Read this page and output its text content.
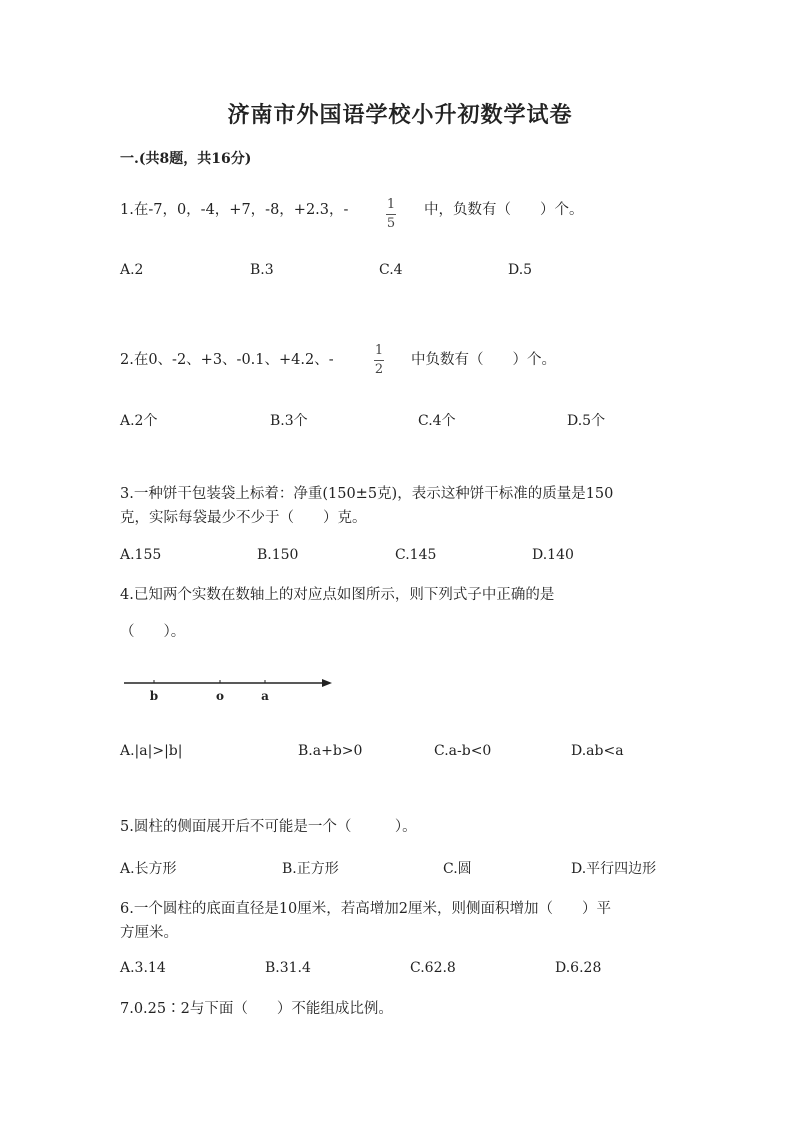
济南市外国语学校小升初数学试卷
一.(共8题，共16分)
1.在-7，0，-4，+7，-8，+2.3，-	1
5
中，负数有（　　）个。
A.2	B.3	C.4	D.5
2.在0、-2、+3、-0.1、+4.2、-
1
2
中负数有（　　）个。
A.2个	B.3个	C.4个	D.5个
3.一种饼干包装袋上标着：净重(150±5克)，表示这种饼干标准的质量是150
克，实际每袋最少不少于（　　）克。
A.155	B.150	C.145	D.140
4.已知两个实数在数轴上的对应点如图所示，则下列式子中正确的是
（　　）。
b	o	a
A.|a|>|b|	B.a+b>0	C.a-b<0	D.ab<a
5.圆柱的侧面展开后不可能是一个（　　　）。
A.长方形	B.正方形	C.圆	D.平行四边形
6.一个圆柱的底面直径是10厘米，若高增加2厘米，则侧面积增加（　　）平
方厘米。
A.3.14	B.31.4	C.62.8	D.6.28
7.0.25∶2与下面（　　）不能组成比例。
